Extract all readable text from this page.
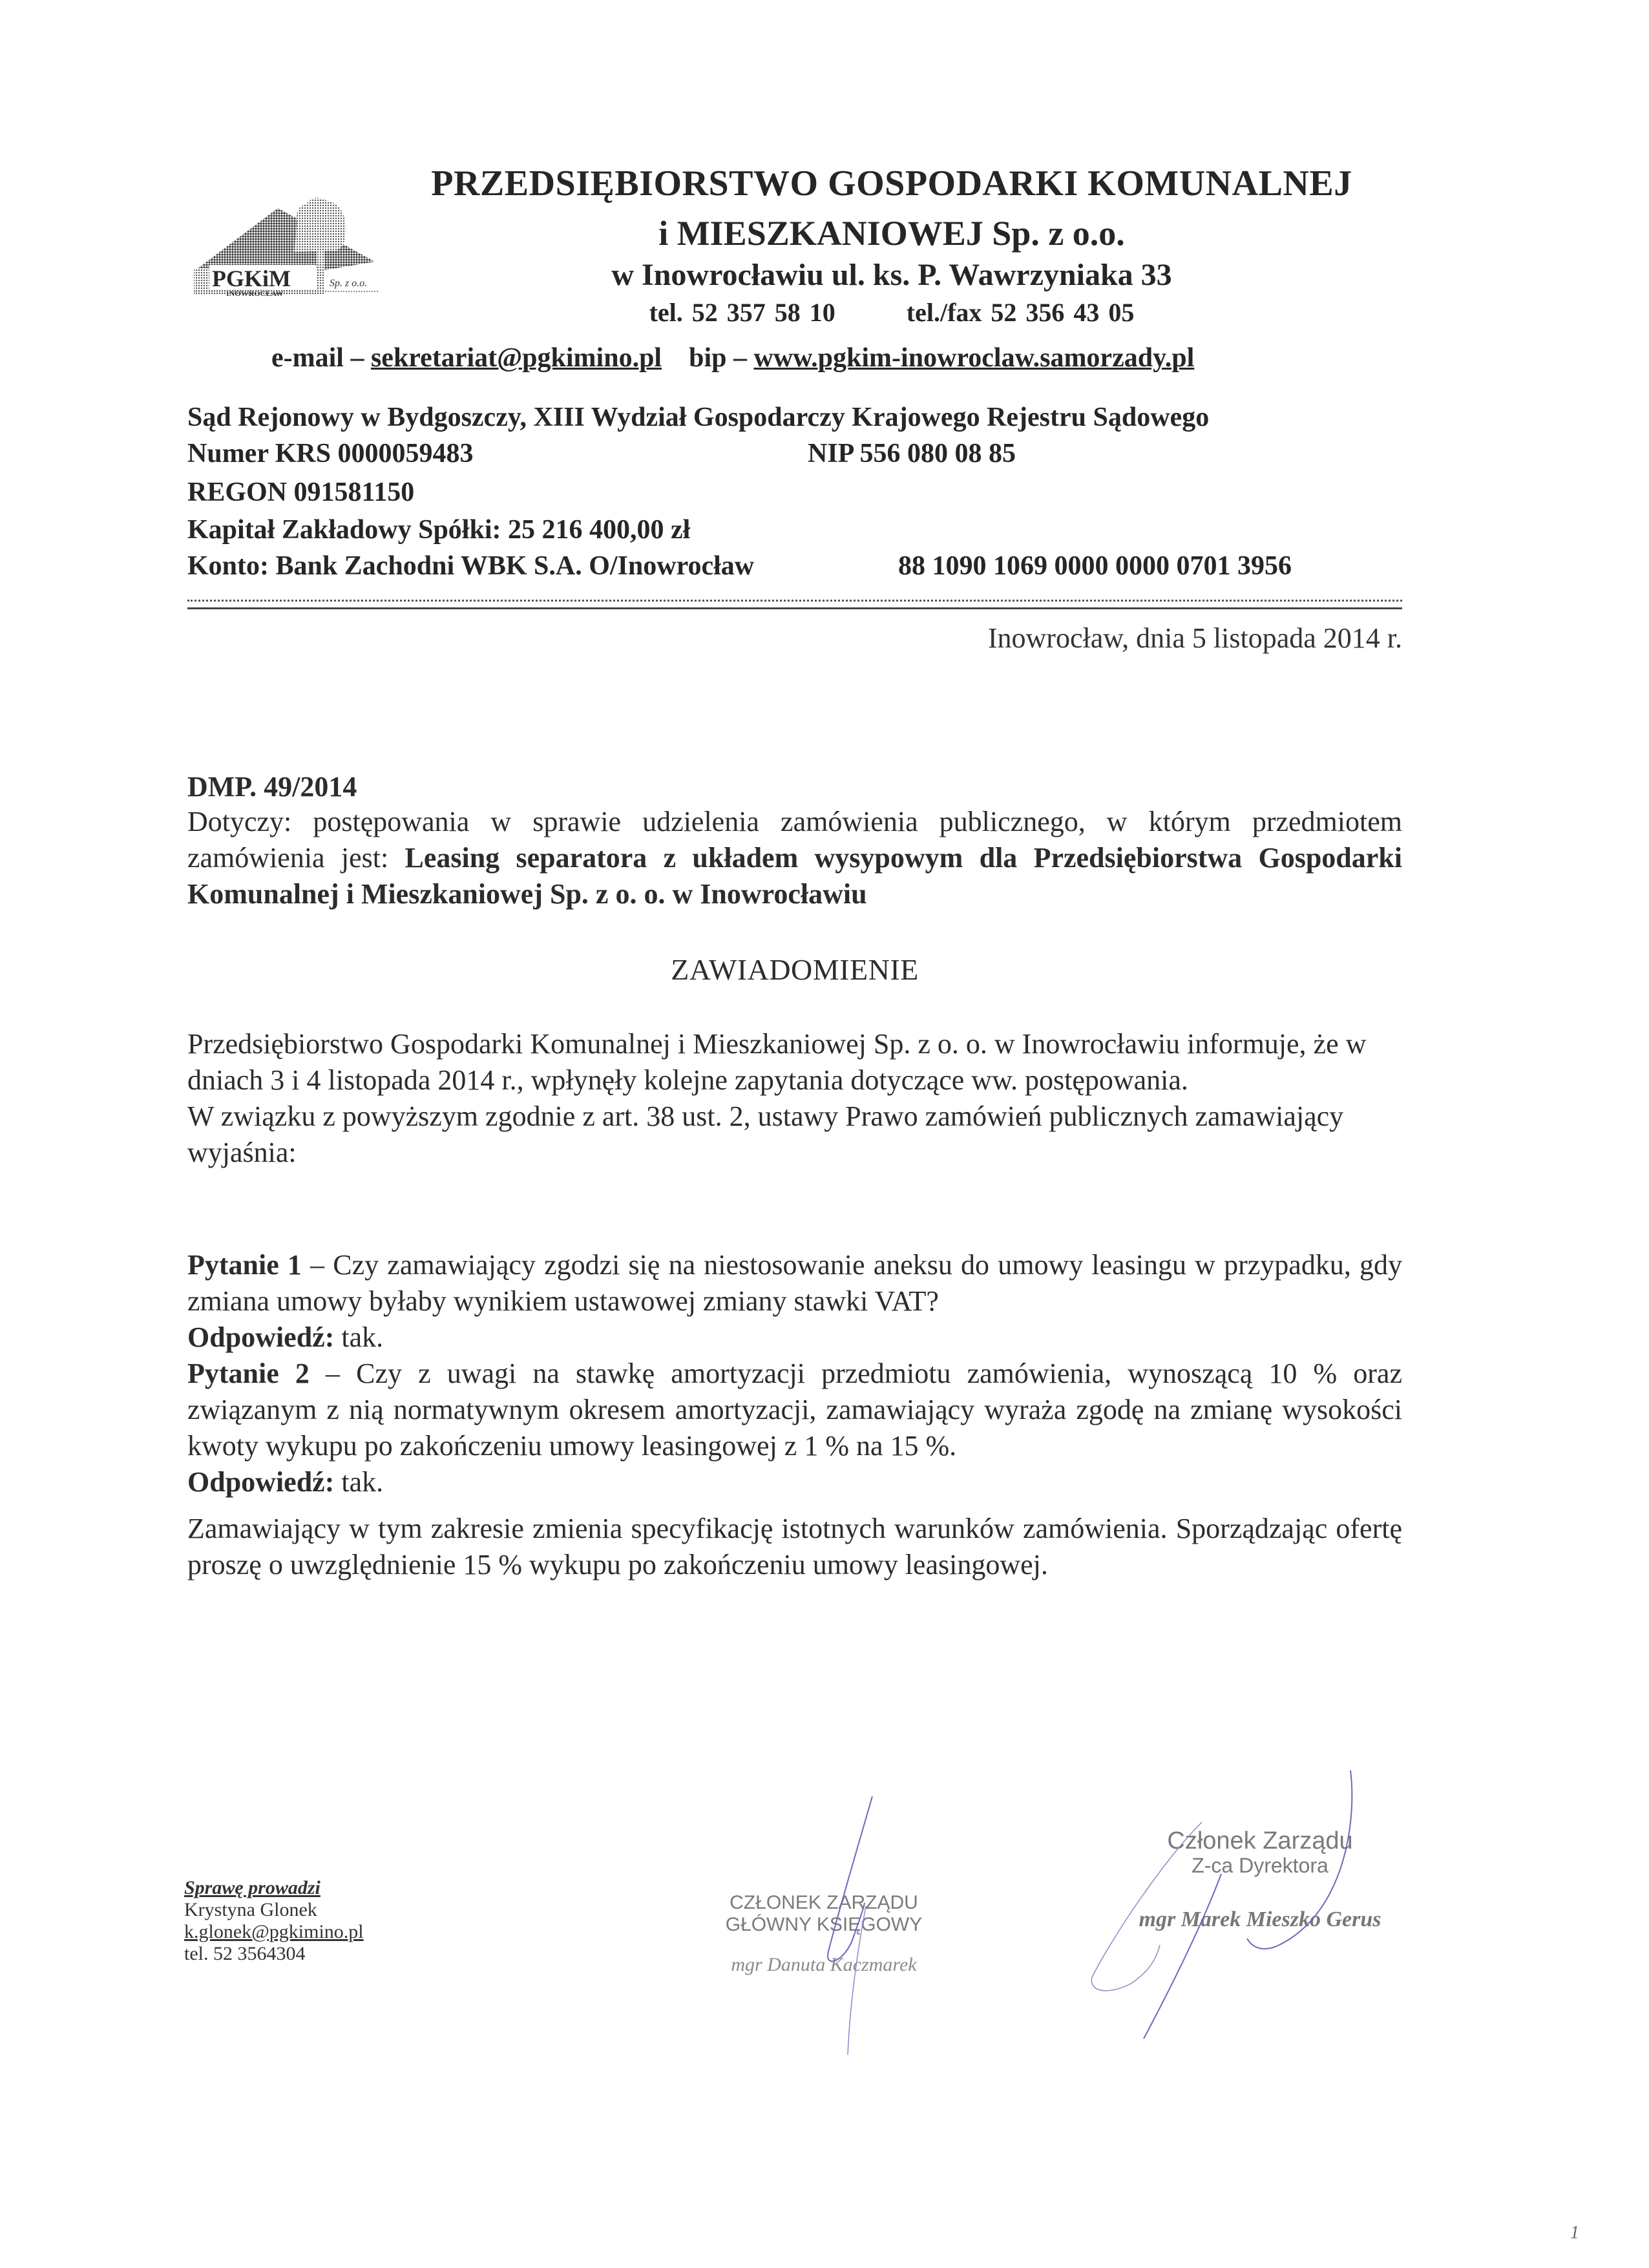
PGKiM	Sp. z o.o.
INOWROCŁAW
PRZEDSIĘBIORSTWO GOSPODARKI KOMUNALNEJ
i MIESZKANIOWEJ Sp. z o.o.
w Inowrocławiu ul. ks. P. Wawrzyniaka 33
tel. 52 357 58 10	tel./fax 52 356 43 05
e-mail – sekretariat@pgkimino.pl bip – www.pgkim-inowroclaw.samorzady.pl
Sąd Rejonowy w Bydgoszczy, XIII Wydział Gospodarczy Krajowego Rejestru Sądowego
Numer KRS 0000059483	NIP 556 080 08 85
REGON 091581150
Kapitał Zakładowy Spółki: 25 216 400,00 zł
Konto: Bank Zachodni WBK S.A. O/Inowrocław	88 1090 1069 0000 0000 0701 3956
Inowrocław, dnia 5 listopada 2014 r.
DMP. 49/2014
Dotyczy: postępowania w sprawie udzielenia zamówienia publicznego, w którym przedmiotem zamówienia jest: Leasing separatora z układem wysypowym dla Przedsiębiorstwa Gospodarki Komunalnej i Mieszkaniowej Sp. z o. o. w Inowrocławiu
ZAWIADOMIENIE
Przedsiębiorstwo Gospodarki Komunalnej i Mieszkaniowej Sp. z o. o. w Inowrocławiu informuje, że w dniach 3 i 4 listopada 2014 r., wpłynęły kolejne zapytania dotyczące ww. postępowania.
W związku z powyższym zgodnie z art. 38 ust. 2, ustawy Prawo zamówień publicznych zamawiający wyjaśnia:

Pytanie 1 – Czy zamawiający zgodzi się na niestosowanie aneksu do umowy leasingu w przypadku, gdy zmiana umowy byłaby wynikiem ustawowej zmiany stawki VAT?

Odpowiedź: tak.

Pytanie 2 – Czy z uwagi na stawkę amortyzacji przedmiotu zamówienia, wynoszącą 10 % oraz związanym z nią normatywnym okresem amortyzacji, zamawiający wyraża zgodę na zmianę wysokości kwoty wykupu po zakończeniu umowy leasingowej z 1 % na 15 %.

Odpowiedź: tak.

Zamawiający w tym zakresie zmienia specyfikację istotnych warunków zamówienia. Sporządzając ofertę proszę o uwzględnienie 15 % wykupu po zakończeniu umowy leasingowej.
Sprawę prowadzi
Krystyna Glonek
k.glonek@pgkimino.pl
tel. 52 3564304
CZŁONEK ZARZĄDU
GŁÓWNY KSIĘGOWY
mgr Danuta Kaczmarek
Członek Zarządu
Z-ca Dyrektora
mgr Marek Mieszko Gerus
1
